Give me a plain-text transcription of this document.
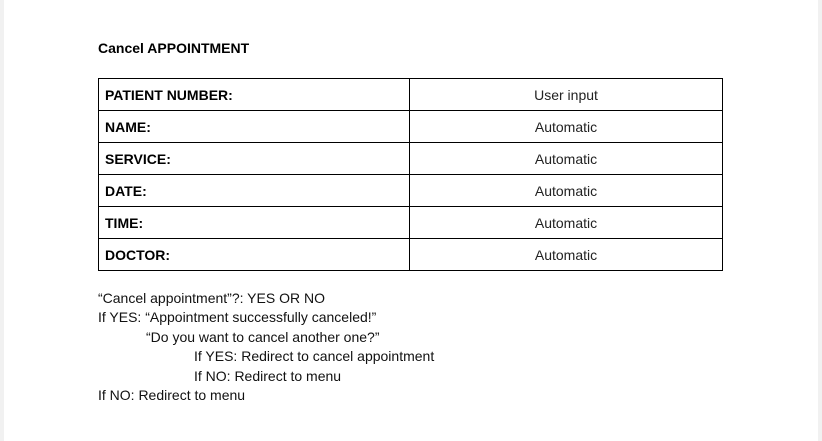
Cancel APPOINTMENT
PATIENT NUMBER:	User input
NAME:	Automatic
SERVICE:	Automatic
DATE:	Automatic
TIME:	Automatic
DOCTOR:	Automatic
“Cancel appointment”?: YES OR NO
If YES: “Appointment successfully canceled!”
“Do you want to cancel another one?”
If YES: Redirect to cancel appointment
If NO: Redirect to menu
If NO: Redirect to menu
